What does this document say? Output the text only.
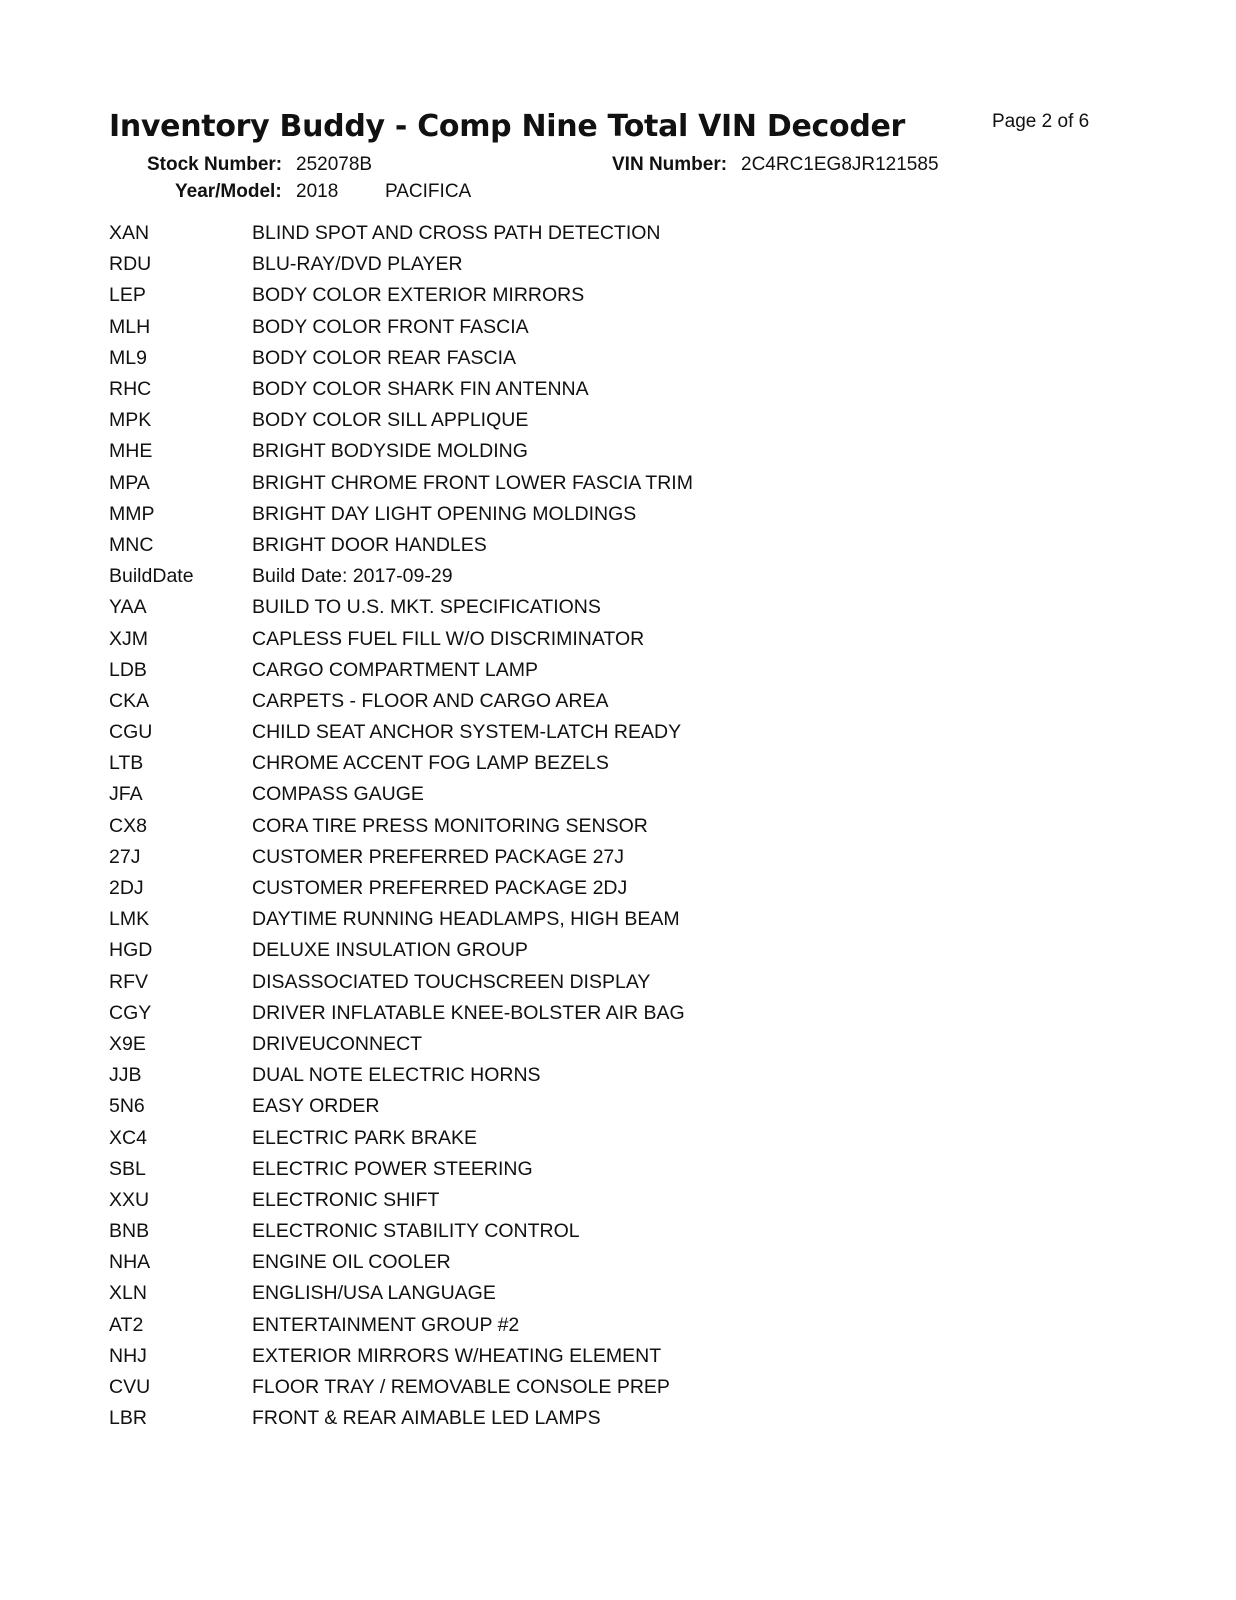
Inventory Buddy - Comp Nine Total VIN Decoder	Page 2 of 6
Stock Number: 252078B	VIN Number: 2C4RC1EG8JR121585
Year/Model: 2018 PACIFICA
XAN	BLIND SPOT AND CROSS PATH DETECTION
RDU	BLU-RAY/DVD PLAYER
LEP	BODY COLOR EXTERIOR MIRRORS
MLH	BODY COLOR FRONT FASCIA
ML9	BODY COLOR REAR FASCIA
RHC	BODY COLOR SHARK FIN ANTENNA
MPK	BODY COLOR SILL APPLIQUE
MHE	BRIGHT BODYSIDE MOLDING
MPA	BRIGHT CHROME FRONT LOWER FASCIA TRIM
MMP	BRIGHT DAY LIGHT OPENING MOLDINGS
MNC	BRIGHT DOOR HANDLES
BuildDate	Build Date: 2017-09-29
YAA	BUILD TO U.S. MKT. SPECIFICATIONS
XJM	CAPLESS FUEL FILL W/O DISCRIMINATOR
LDB	CARGO COMPARTMENT LAMP
CKA	CARPETS - FLOOR AND CARGO AREA
CGU	CHILD SEAT ANCHOR SYSTEM-LATCH READY
LTB	CHROME ACCENT FOG LAMP BEZELS
JFA	COMPASS GAUGE
CX8	CORA TIRE PRESS MONITORING SENSOR
27J	CUSTOMER PREFERRED PACKAGE 27J
2DJ	CUSTOMER PREFERRED PACKAGE 2DJ
LMK	DAYTIME RUNNING HEADLAMPS, HIGH BEAM
HGD	DELUXE INSULATION GROUP
RFV	DISASSOCIATED TOUCHSCREEN DISPLAY
CGY	DRIVER INFLATABLE KNEE-BOLSTER AIR BAG
X9E	DRIVEUCONNECT
JJB	DUAL NOTE ELECTRIC HORNS
5N6	EASY ORDER
XC4	ELECTRIC PARK BRAKE
SBL	ELECTRIC POWER STEERING
XXU	ELECTRONIC SHIFT
BNB	ELECTRONIC STABILITY CONTROL
NHA	ENGINE OIL COOLER
XLN	ENGLISH/USA LANGUAGE
AT2	ENTERTAINMENT GROUP #2
NHJ	EXTERIOR MIRRORS W/HEATING ELEMENT
CVU	FLOOR TRAY / REMOVABLE CONSOLE PREP
LBR	FRONT & REAR AIMABLE LED LAMPS
